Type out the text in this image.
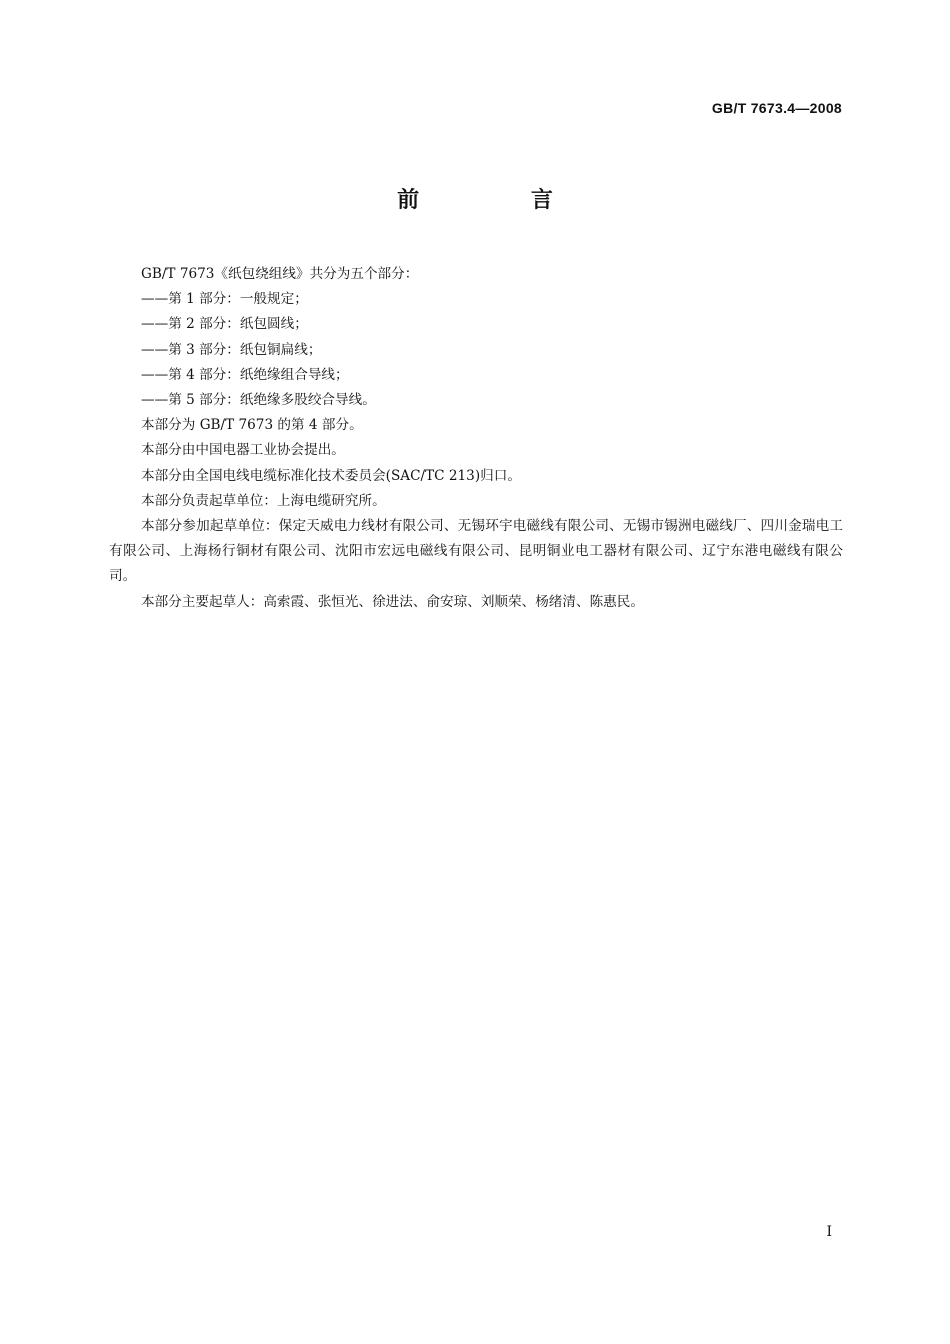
GB/T 7673.4—2008
前 言

GB/T 7673《纸包绕组线》共分为五个部分：

——第 1 部分：一般规定；

——第 2 部分：纸包圆线；

——第 3 部分：纸包铜扁线；

——第 4 部分：纸绝缘组合导线；

——第 5 部分：纸绝缘多股绞合导线。

本部分为 GB/T 7673 的第 4 部分。

本部分由中国电器工业协会提出。

本部分由全国电线电缆标准化技术委员会(SAC/TC 213)归口。

本部分负责起草单位：上海电缆研究所。

本部分参加起草单位：保定天威电力线材有限公司、无锡环宇电磁线有限公司、无锡市锡洲电磁线厂、四川金瑞电工有限公司、上海杨行铜材有限公司、沈阳市宏远电磁线有限公司、昆明铜业电工器材有限公司、辽宁东港电磁线有限公司。

本部分主要起草人：高索霞、张恒光、徐进法、俞安琼、刘顺荣、杨绪清、陈惠民。

I
